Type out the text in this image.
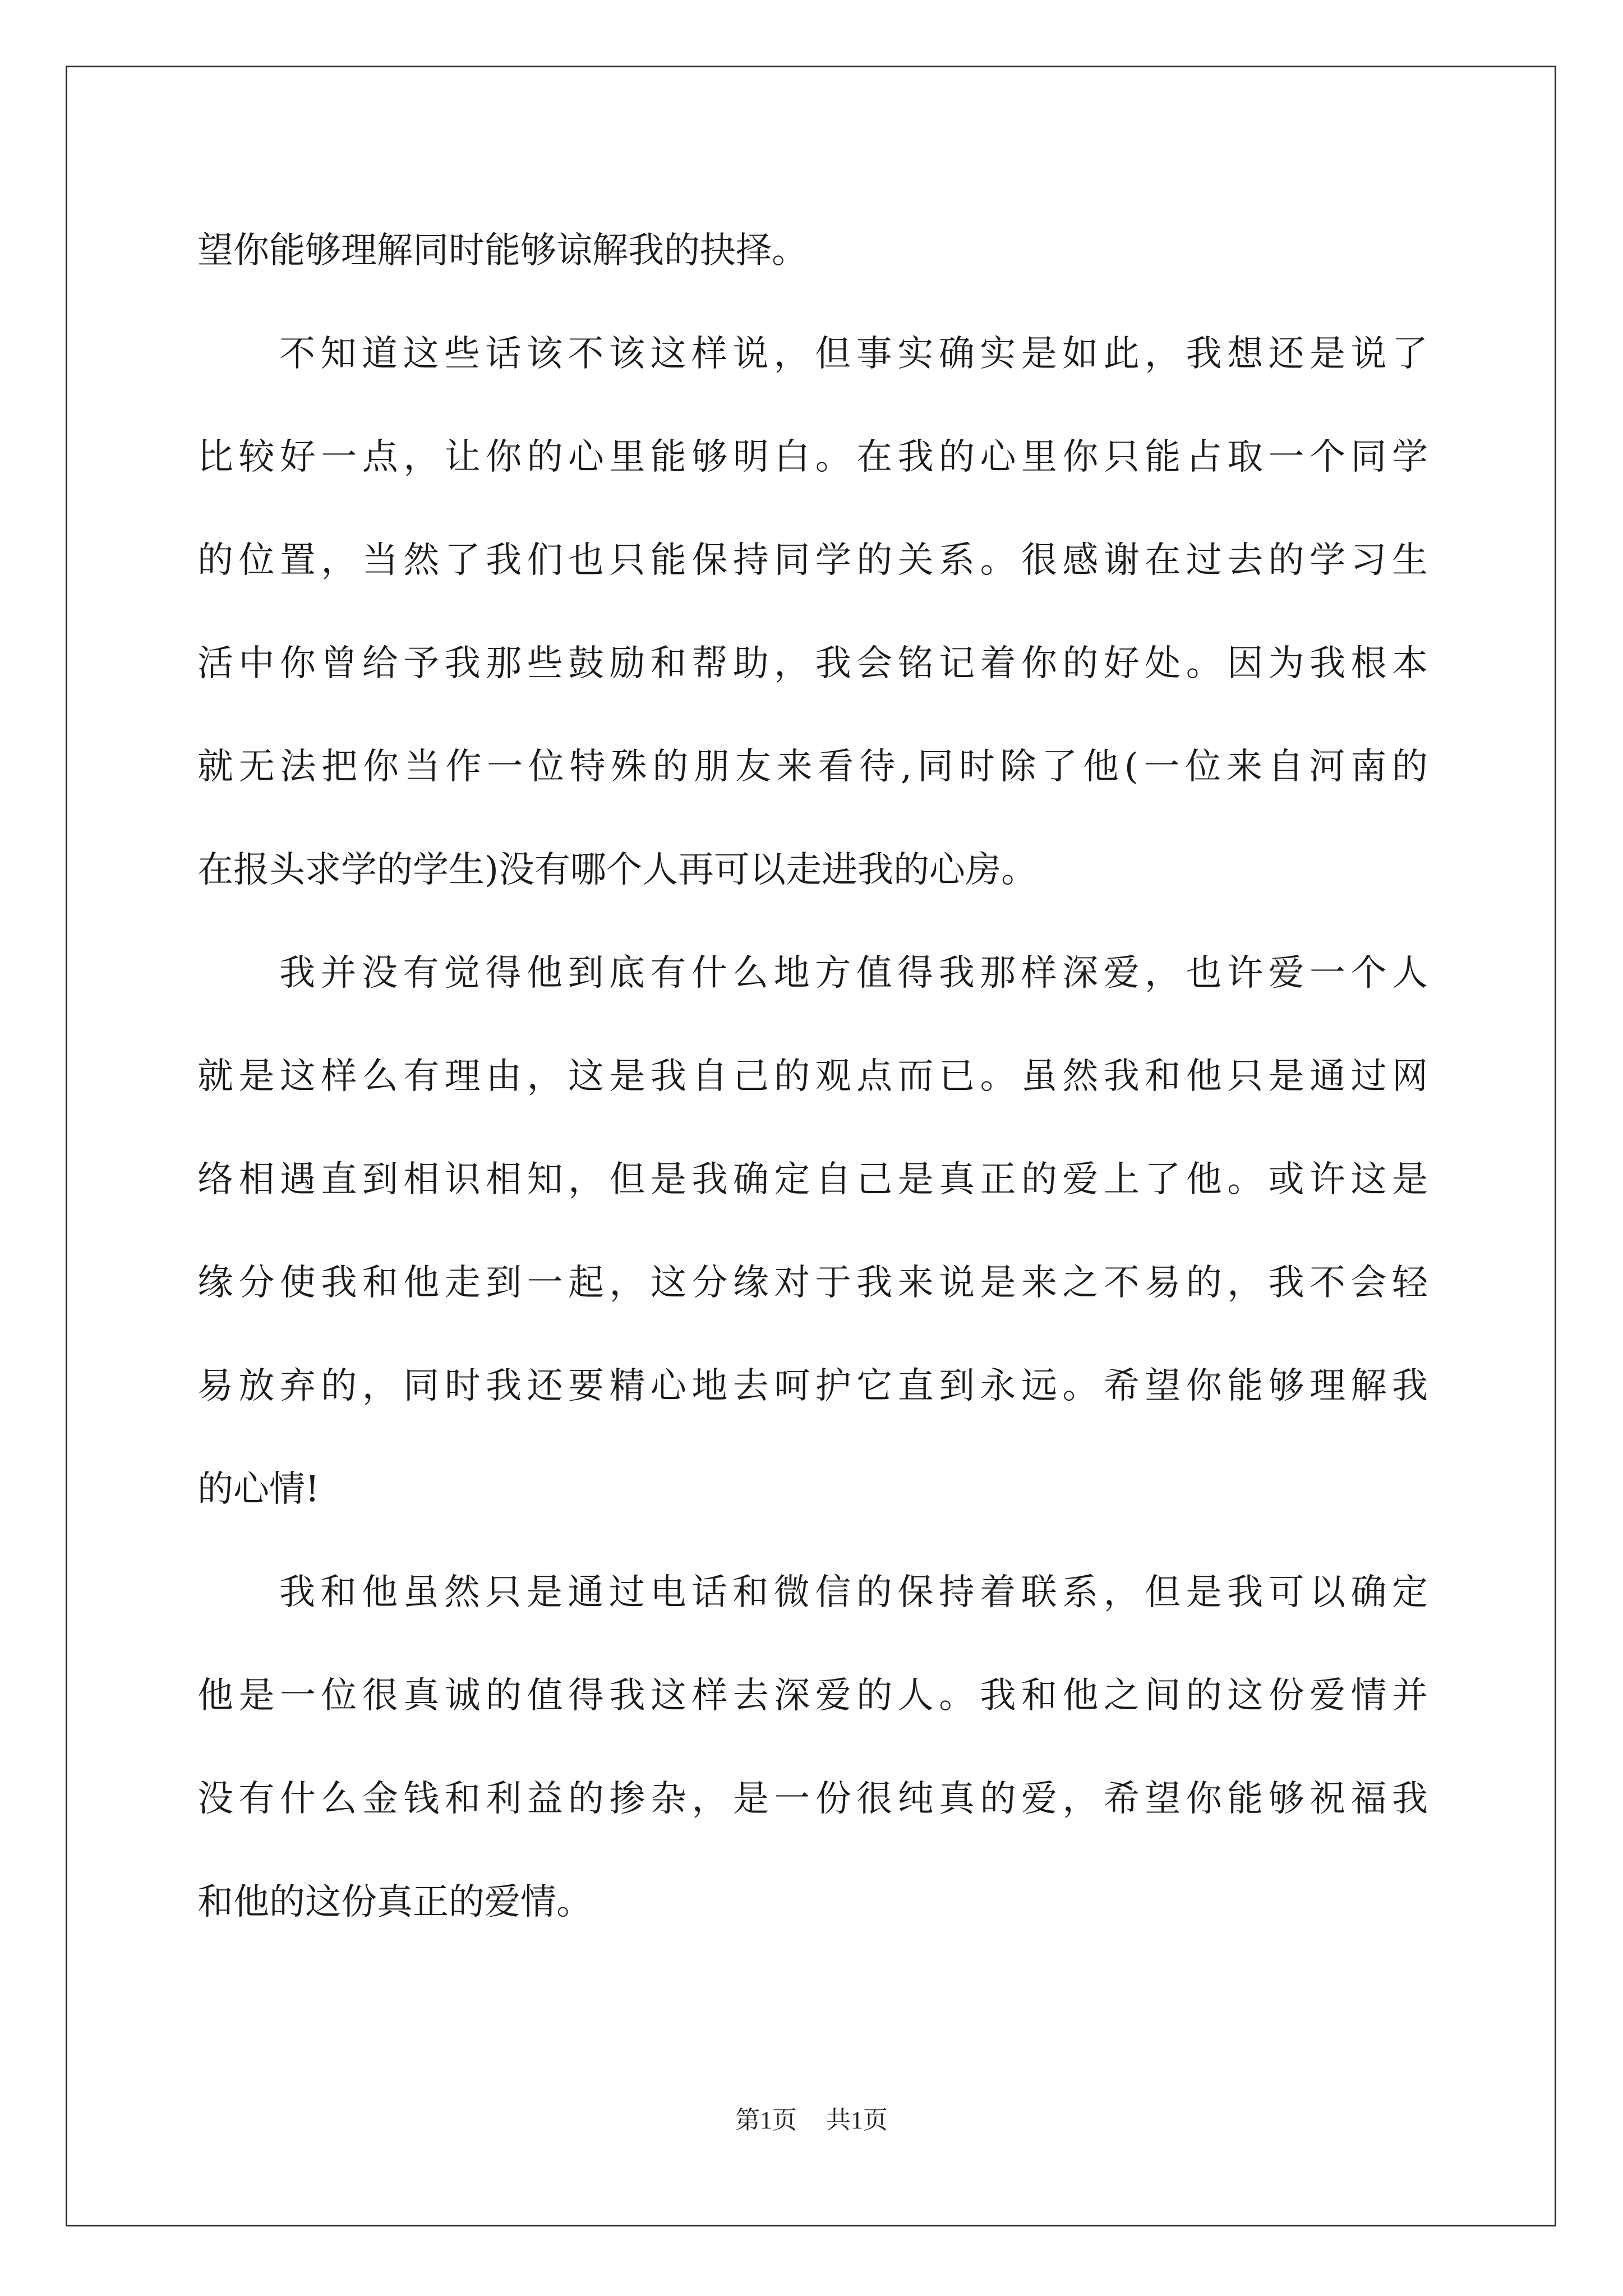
望你能够理解同时能够谅解我的抉择。
不知道这些话该不该这样说，但事实确实是如此，我想还是说了
比较好一点，让你的心里能够明白。在我的心里你只能占取一个同学
的位置，当然了我们也只能保持同学的关系。很感谢在过去的学习生
活中你曾给予我那些鼓励和帮助，我会铭记着你的好处。因为我根本
就无法把你当作一位特殊的朋友来看待,同时除了他(一位来自河南的
在报头求学的学生)没有哪个人再可以走进我的心房。
我并没有觉得他到底有什么地方值得我那样深爱，也许爱一个人
就是这样么有理由，这是我自己的观点而已。虽然我和他只是通过网
络相遇直到相识相知，但是我确定自己是真正的爱上了他。或许这是
缘分使我和他走到一起，这分缘对于我来说是来之不易的，我不会轻
易放弃的，同时我还要精心地去呵护它直到永远。希望你能够理解我
的心情!
我和他虽然只是通过电话和微信的保持着联系，但是我可以确定
他是一位很真诚的值得我这样去深爱的人。我和他之间的这份爱情并
没有什么金钱和利益的掺杂，是一份很纯真的爱，希望你能够祝福我
和他的这份真正的爱情。
第1页 共1页
